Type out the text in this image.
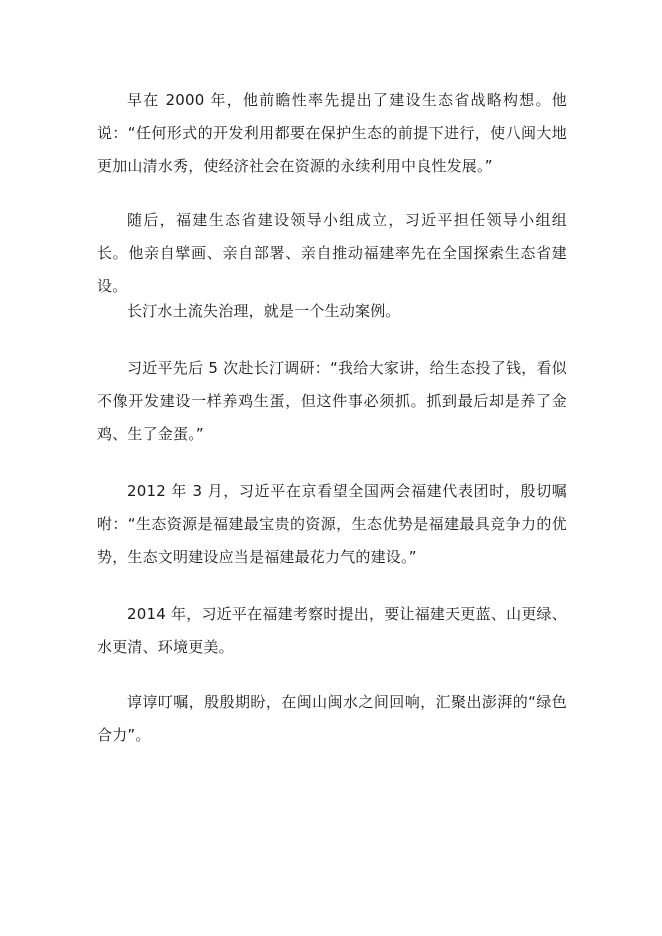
早在 2000 年，他前瞻性率先提出了建设生态省战略构想。他说：“任何形式的开发利用都要在保护生态的前提下进行，使八闽大地更加山清水秀，使经济社会在资源的永续利用中良性发展。”

随后，福建生态省建设领导小组成立，习近平担任领导小组组长。他亲自擘画、亲自部署、亲自推动福建率先在全国探索生态省建设。

长汀水土流失治理，就是一个生动案例。

习近平先后 5 次赴长汀调研：“我给大家讲，给生态投了钱，看似不像开发建设一样养鸡生蛋，但这件事必须抓。抓到最后却是养了金鸡、生了金蛋。”

2012 年 3 月，习近平在京看望全国两会福建代表团时，殷切嘱咐：“生态资源是福建最宝贵的资源，生态优势是福建最具竞争力的优势，生态文明建设应当是福建最花力气的建设。”

2014 年，习近平在福建考察时提出，要让福建天更蓝、山更绿、水更清、环境更美。

谆谆叮嘱，殷殷期盼，在闽山闽水之间回响，汇聚出澎湃的“绿色合力”。
